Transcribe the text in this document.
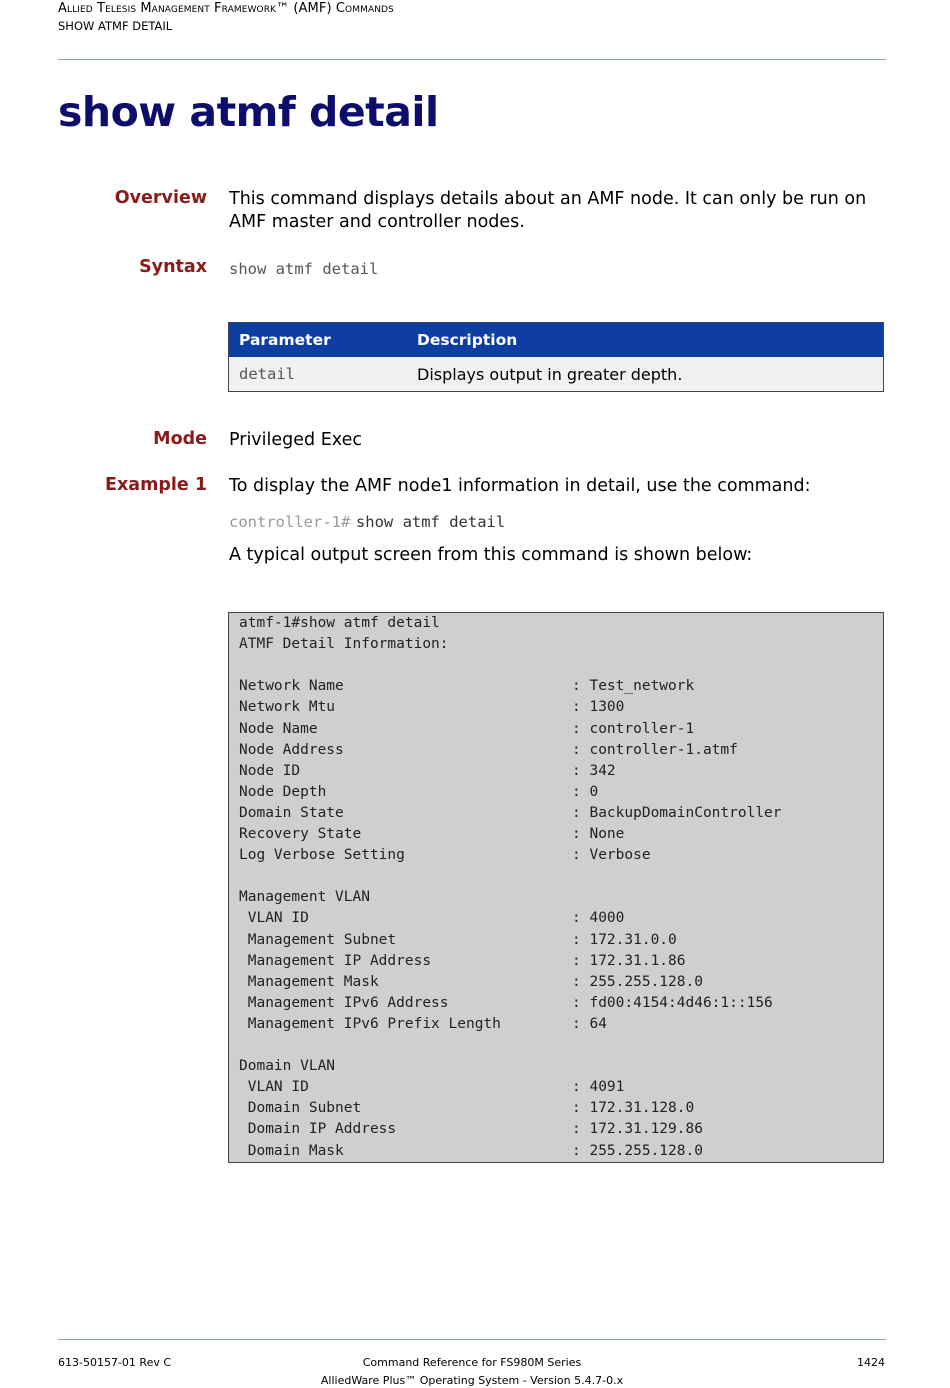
Allied Telesis Management Framework™ (AMF) Commands
SHOW ATMF DETAIL
show atmf detail
Overview This command displays details about an AMF node. It can only be run on AMF master and controller nodes.
Syntax show atmf detail
Parameter	Description
detail	Displays output in greater depth.
Mode Privileged Exec
Example 1 To display the AMF node1 information in detail, use the command:
controller-1# show atmf detail
A typical output screen from this command is shown below:
atmf-1#show atmf detail
ATMF Detail Information:
Network Name	: Test_network
Network Mtu	: 1300
Node Name	: controller-1
Node Address	: controller-1.atmf
Node ID	: 342
Node Depth	: 0
Domain State	: BackupDomainController
Recovery State	: None
Log Verbose Setting	: Verbose
Management VLAN
VLAN ID	: 4000
Management Subnet	: 172.31.0.0
Management IP Address	: 172.31.1.86
Management Mask	: 255.255.128.0
Management IPv6 Address	: fd00:4154:4d46:1::156
Management IPv6 Prefix Length	: 64
Domain VLAN
VLAN ID	: 4091
Domain Subnet	: 172.31.128.0
Domain IP Address	: 172.31.129.86
Domain Mask	: 255.255.128.0
613-50157-01 Rev C	Command Reference for FS980M Series
AlliedWare Plus™ Operating System - Version 5.4.7-0.x
1424
